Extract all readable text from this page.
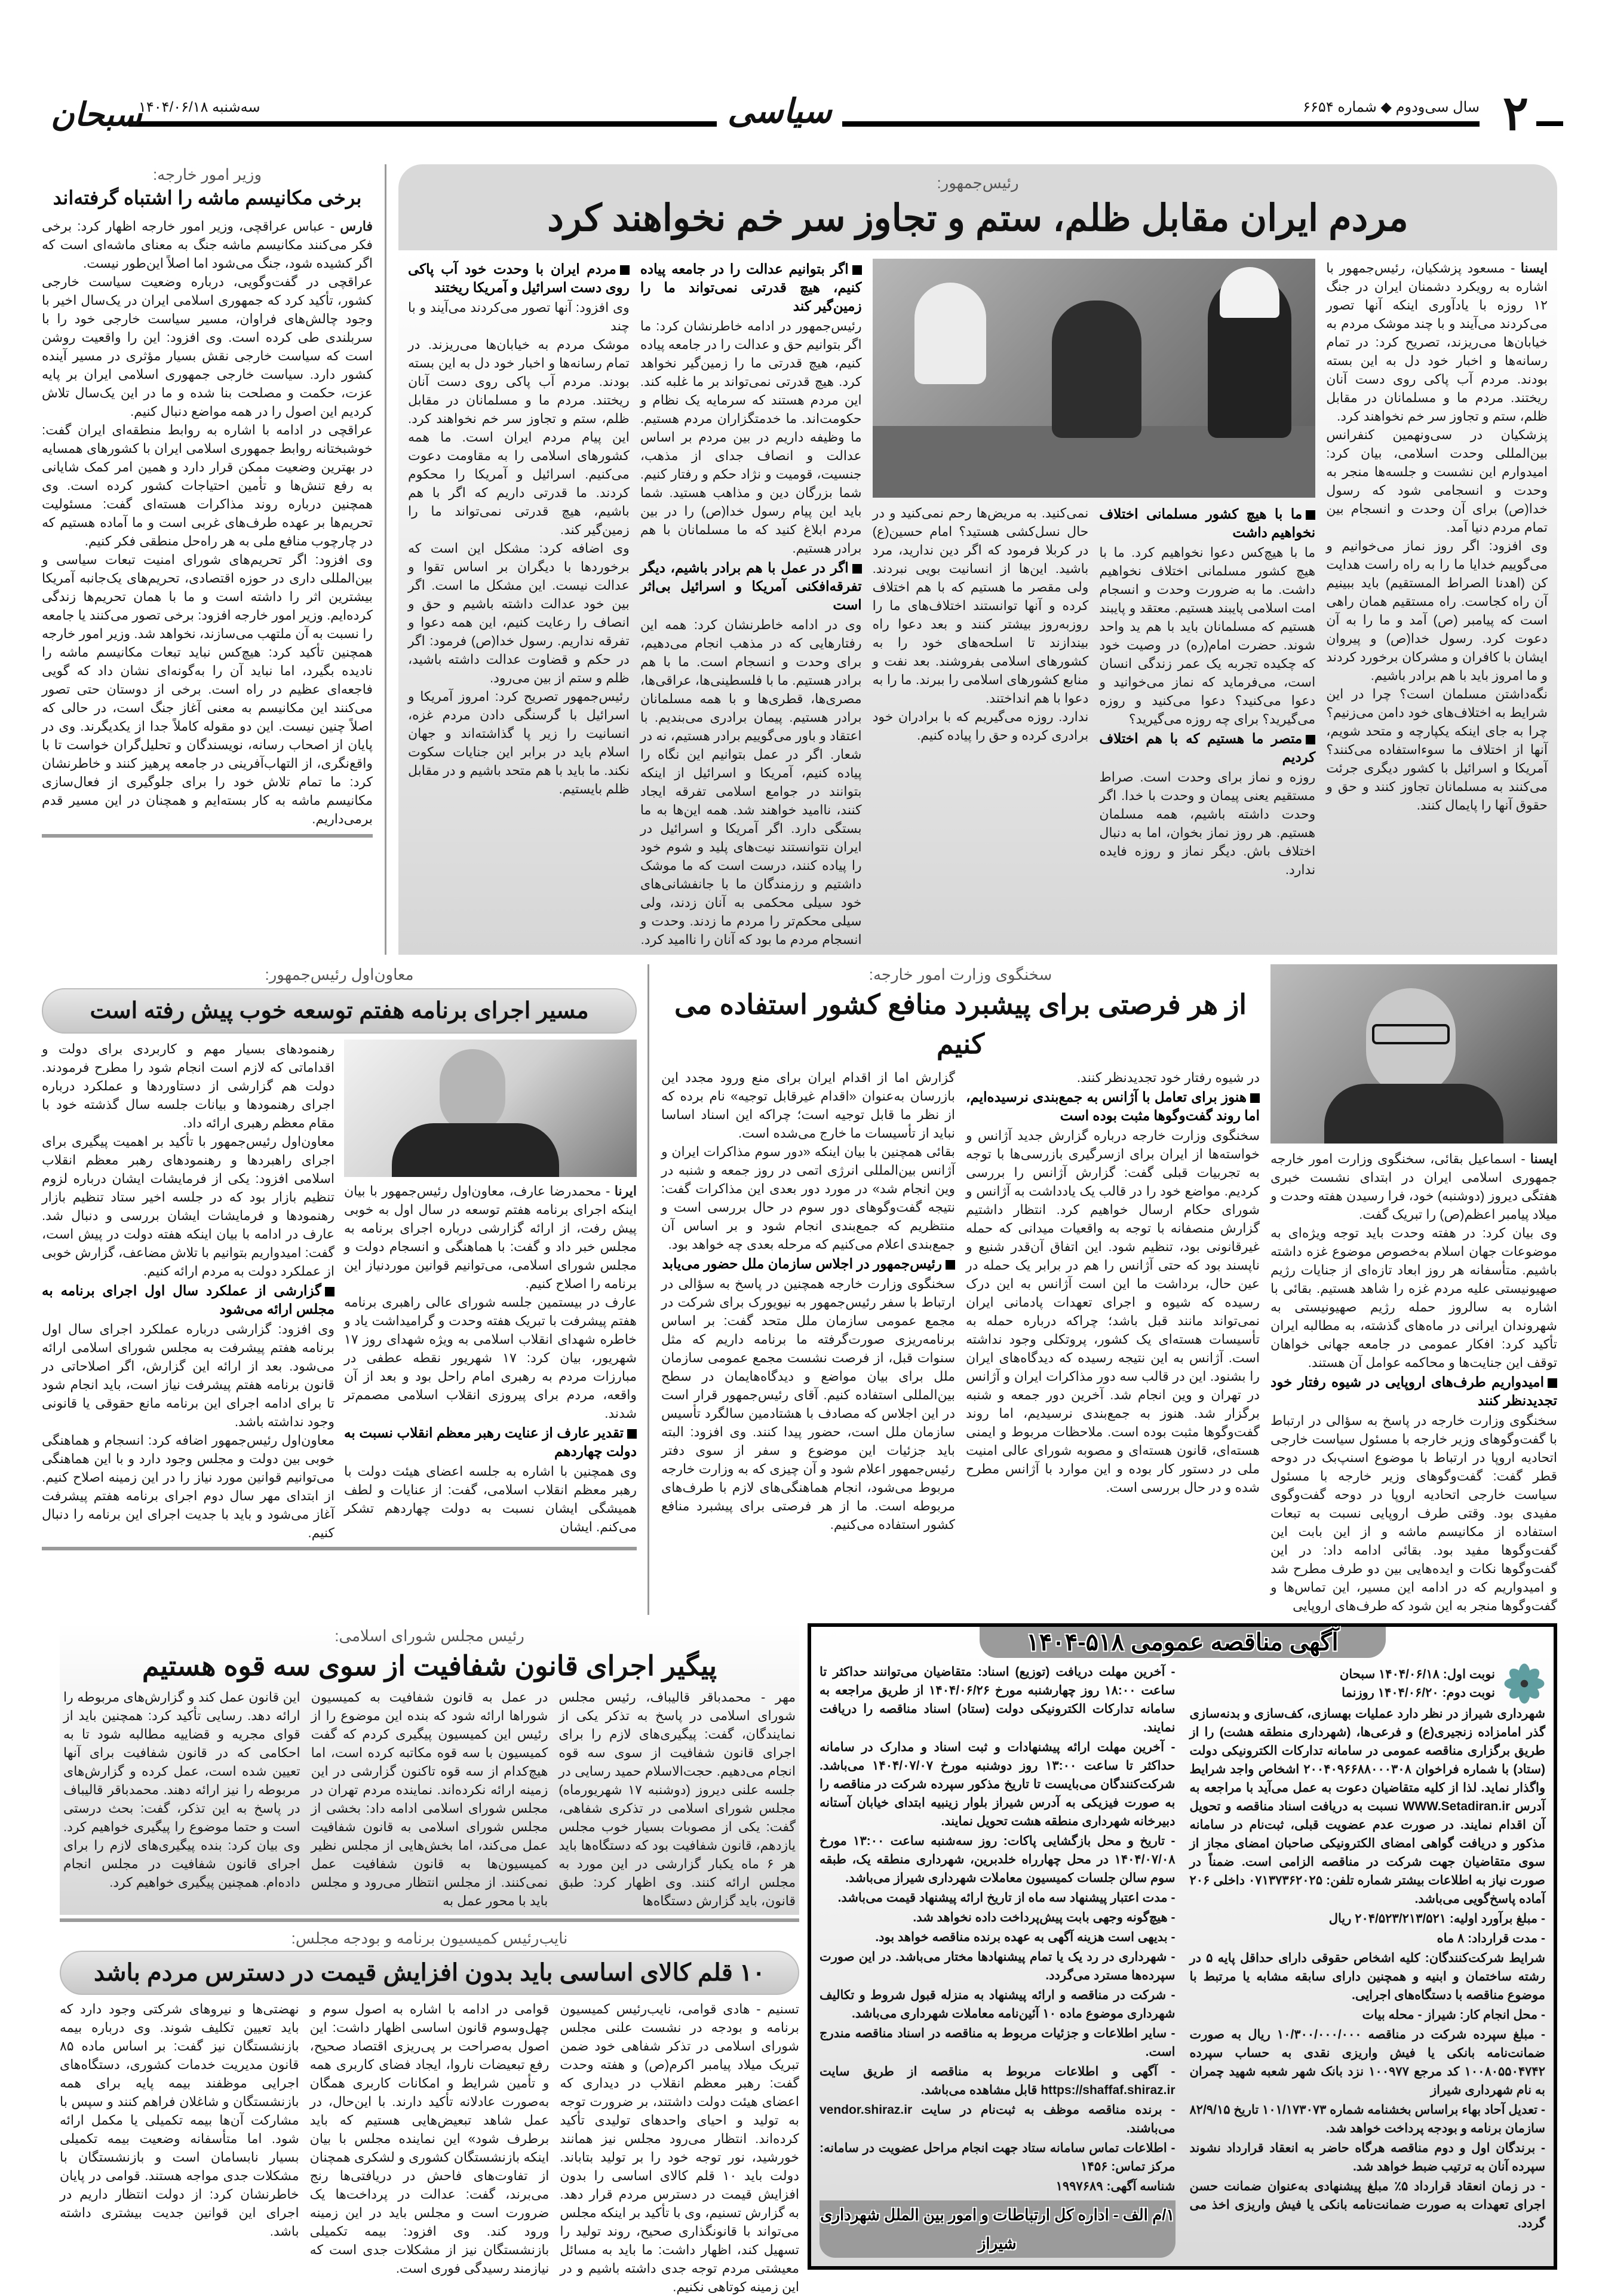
۲
سال سی‌ودوم ◆ شماره ۶۶۵۴
سیاسی
سه‌شنبه ۱۴۰۴/۰۶/۱۸
سبحان
رئیس‌جمهور:
مردم ایران مقابل ظلم، ستم و تجاوز سر خم نخواهند کرد

ایسنا - مسعود پزشکیان، رئیس‌جمهور با اشاره به رویکرد دشمنان ایران در جنگ ۱۲ روزه با یادآوری اینکه آنها تصور می‌کردند می‌آیند و با چند موشک مردم به خیابان‌ها می‌ریزند، تصریح کرد: در تمام رسانه‌ها و اخبار خود دل به این بسته بودند. مردم آب پاکی روی دست آنان ریختند. مردم ما و مسلمانان در مقابل ظلم، ستم و تجاوز سر خم نخواهند کرد.

پزشکیان در سی‌ونهمین کنفرانس بین‌المللی وحدت اسلامی، بیان کرد: امیدوارم این نشست و جلسه‌ها منجر به وحدت و انسجامی شود که رسول خدا(ص) برای آن وحدت و انسجام بین تمام مردم دنیا آمد.

وی افزود: اگر روز نماز می‌خوانیم و می‌گوییم خدایا ما را به راه راست هدایت کن (اهدنا الصراط المستقیم) باید ببینیم آن راه کجاست. راه مستقیم همان راهی است که پیامبر (ص) آمد و ما را به آن دعوت کرد. رسول خدا(ص) و پیروان ایشان با کافران و مشرکان برخورد کردند و ما امروز باید با هم برادر باشیم.

نگه‌داشتن مسلمان است؟ چرا در این شرایط به اختلاف‌های خود دامن می‌زنیم؟ چرا به جای اینکه یکپارچه و متحد شویم، آنها از اختلاف ما سوءاستفاده می‌کنند؟ آمریکا و اسرائیل با کشور دیگری جرئت می‌کنند به مسلمانان تجاوز کنند و حق و حقوق آنها را پایمال کنند.

ما با هیچ کشور مسلمانی اختلاف نخواهیم داشت

ما با هیچ‌کس دعوا نخواهیم کرد. ما با هیچ کشور مسلمانی اختلاف نخواهیم داشت. ما به ضرورت وحدت و انسجام امت اسلامی پایبند هستیم. معتقد و پایبند هستیم که مسلمانان باید با هم ید واحد شوند. حضرت امام(ره) در وصیت خود که چکیده تجربه یک عمر زندگی انسان است، می‌فرماید که نماز می‌خوانید و دعوا می‌کنید؟ دعوا می‌کنید و روزه می‌گیرید؟ برای چه روزه می‌گیرید؟

متصر ما هستیم که با هم اختلاف کردیم

روزه و نماز برای وحدت است. صراط مستقیم یعنی پیمان و وحدت با خدا. اگر وحدت داشته باشیم، همه مسلمان هستیم. هر روز نماز بخوان، اما به دنبال اختلاف باش. دیگر نماز و روزه فایده ندارد.

نمی‌کنید. به مریض‌ها رحم نمی‌کنید و در حال نسل‌کشی هستید؟ امام حسین(ع) در کربلا فرمود که اگر دین ندارید، مرد باشید. این‌ها از انسانیت بویی نبردند. ولی مقصر ما هستیم که با هم اختلاف کرده و آنها توانستند اختلاف‌های ما را روزبه‌روز بیشتر کنند و بعد دعوا راه بیندازند تا اسلحه‌های خود را به کشورهای اسلامی بفروشند. بعد نفت و منابع کشورهای اسلامی را ببرند. ما را به دعوا با هم انداختند.

ندارد. روزه می‌گیریم که با برادران خود برادری کرده و حق را پیاده کنیم.

اگر بتوانیم عدالت را در جامعه پیاده کنیم، هیچ قدرتی نمی‌تواند ما را زمین‌گیر کند

رئیس‌جمهور در ادامه خاطرنشان کرد: ما اگر بتوانیم حق و عدالت را در جامعه پیاده کنیم، هیچ قدرتی ما را زمین‌گیر نخواهد کرد. هیچ قدرتی نمی‌تواند بر ما غلبه کند. این مردم هستند که سرمایه یک نظام و حکومت‌اند. ما خدمتگزاران مردم هستیم. ما وظیفه داریم در بین مردم بر اساس عدالت و انصاف جدای از مذهب، جنسیت، قومیت و نژاد حکم و رفتار کنیم. شما بزرگان دین و مذاهب هستید. شما باید این پیام رسول خدا(ص) را در بین مردم ابلاغ کنید که ما مسلمانان با هم برادر هستیم.

اگر در عمل با هم برادر باشیم، دیگر تفرقه‌افکنی آمریکا و اسرائیل بی‌اثر است

وی در ادامه خاطرنشان کرد: همه این رفتارهایی که در مذهب انجام می‌دهیم، برای وحدت و انسجام است. ما با هم برادر هستیم. ما با فلسطینی‌ها، عراقی‌ها، مصری‌ها، قطری‌ها و با همه مسلمانان برادر هستیم. پیمان برادری می‌بندیم. با اعتقاد و باور می‌گوییم برادر هستیم، نه در شعار. اگر در عمل بتوانیم این نگاه را پیاده کنیم، آمریکا و اسرائیل از اینکه بتوانند در جوامع اسلامی تفرقه ایجاد کنند، ناامید خواهند شد. همه این‌ها به ما بستگی دارد. اگر آمریکا و اسرائیل در ایران نتوانستند نیت‌های پلید و شوم خود را پیاده کنند، درست است که ما موشک داشتیم و رزمندگان ما با جانفشانی‌های خود سیلی محکمی به آنان زدند، ولی سیلی محکم‌تر را مردم ما زدند. وحدت و انسجام مردم ما بود که آنان را ناامید کرد.

مردم ایران با وحدت خود آب پاکی روی دست اسرائیل و آمریکا ریختند

وی افزود: آنها تصور می‌کردند می‌آیند و با چند

موشک مردم به خیابان‌ها می‌ریزند. در تمام رسانه‌ها و اخبار خود دل به این بسته بودند. مردم آب پاکی روی دست آنان ریختند. مردم ما و مسلمانان در مقابل ظلم، ستم و تجاوز سر خم نخواهند کرد. این پیام مردم ایران است. ما همه کشورهای اسلامی را به مقاومت دعوت می‌کنیم. اسرائیل و آمریکا را محکوم کردند. ما قدرتی داریم که اگر با هم باشیم، هیچ قدرتی نمی‌تواند ما را زمین‌گیر کند.

وی اضافه کرد: مشکل این است که برخوردها با دیگران بر اساس تقوا و عدالت نیست. این مشکل ما است. اگر بین خود عدالت داشته باشیم و حق و انصاف را رعایت کنیم، این همه دعوا و تفرقه نداریم. رسول خدا(ص) فرمود: اگر در حکم و قضاوت عدالت داشته باشید، ظلم و ستم از بین می‌رود.

رئیس‌جمهور تصریح کرد: امروز آمریکا و اسرائیل با گرسنگی دادن مردم غزه، انسانیت را زیر پا گذاشته‌اند و جهان اسلام باید در برابر این جنایات سکوت نکند. ما باید با هم متحد باشیم و در مقابل ظلم بایستیم.

وزیر امور خارجه:
برخی مکانیسم ماشه را اشتباه گرفته‌اند

فارس - عباس عراقچی، وزیر امور خارجه اظهار کرد: برخی فکر می‌کنند مکانیسم ماشه جنگ به معنای ماشه‌ای است که اگر کشیده شود، جنگ می‌شود اما اصلاً این‌طور نیست.

عراقچی در گفت‌وگویی، درباره وضعیت سیاست خارجی کشور، تأکید کرد که جمهوری اسلامی ایران در یک‌سال اخیر با وجود چالش‌های فراوان، مسیر سیاست خارجی خود را با سربلندی طی کرده است. وی افزود: این را واقعیت روشن است که سیاست خارجی نقش بسیار مؤثری در مسیر آینده کشور دارد. سیاست خارجی جمهوری اسلامی ایران بر پایه عزت، حکمت و مصلحت بنا شده و ما در این یک‌سال تلاش کردیم این اصول را در همه مواضع دنبال کنیم.

عراقچی در ادامه با اشاره به روابط منطقه‌ای ایران گفت: خوشبختانه روابط جمهوری اسلامی ایران با کشورهای همسایه در بهترین وضعیت ممکن قرار دارد و همین امر کمک شایانی به رفع تنش‌ها و تأمین احتیاجات کشور کرده است. وی همچنین درباره روند مذاکرات هسته‌ای گفت: مسئولیت تحریم‌ها بر عهده طرف‌های غربی است و ما آماده هستیم که در چارچوب منافع ملی به هر راه‌حل منطقی فکر کنیم.

وی افزود: اگر تحریم‌های شورای امنیت تبعات سیاسی و بین‌المللی داری در حوزه اقتصادی، تحریم‌های یک‌جانبه آمریکا بیشترین اثر را داشته است و ما با همان تحریم‌ها زندگی کرده‌ایم. وزیر امور خارجه افزود: برخی تصور می‌کنند یا جامعه را نسبت به آن ملتهب می‌سازند، نخواهد شد. وزیر امور خارجه همچنین تأکید کرد: هیچ‌کس نباید تبعات مکانیسم ماشه را نادیده بگیرد، اما نباید آن را به‌گونه‌ای نشان داد که گویی فاجعه‌ای عظیم در راه است. برخی از دوستان حتی تصور می‌کنند این مکانیسم به معنی آغاز جنگ است، در حالی که اصلاً چنین نیست. این دو مقوله کاملاً جدا از یکدیگرند. وی در پایان از اصحاب رسانه، نویسندگان و تحلیل‌گران خواست تا با واقع‌نگری، از التهاب‌آفرینی در جامعه پرهیز کنند و خاطرنشان کرد: ما تمام تلاش خود را برای جلوگیری از فعال‌سازی مکانیسم ماشه به کار بسته‌ایم و همچنان در این مسیر قدم برمی‌داریم.

ایسنا - اسماعیل بقائی، سخنگوی وزارت امور خارجه جمهوری اسلامی ایران در ابتدای نشست خبری هفتگی دیروز (دوشنبه) خود، فرا رسیدن هفته وحدت و میلاد پیامبر اعظم(ص) را تبریک گفت.

وی بیان کرد: در هفته وحدت باید توجه ویژه‌ای به موضوعات جهان اسلام به‌خصوص موضوع غزه داشته باشیم. متأسفانه هر روز ابعاد تازه‌ای از جنایات رژیم صهیونیستی علیه مردم غزه را شاهد هستیم. بقائی با اشاره به سالروز حمله رژیم صهیونیستی به شهروندان ایرانی در ماه‌های گذشته، به مطالبه ایران تأکید کرد: افکار عمومی در جامعه جهانی خواهان توقف این جنایت‌ها و محاکمه عوامل آن هستند.

امیدواریم طرف‌های اروپایی در شیوه رفتار خود تجدیدنظر کنند

سخنگوی وزارت خارجه در پاسخ به سؤالی در ارتباط با گفت‌وگوهای وزیر خارجه با مسئول سیاست خارجی اتحادیه اروپا در ارتباط با موضوع اسنپ‌بک در دوحه قطر گفت: گفت‌وگوهای وزیر خارجه با مسئول سیاست خارجی اتحادیه اروپا در دوحه گفت‌وگوی مفیدی بود. وقتی طرف اروپایی نسبت به تبعات استفاده از مکانیسم ماشه و از این بابت این گفت‌وگوها مفید بود. بقائی ادامه داد: در این گفت‌وگوها نکات و ایده‌هایی بین دو طرف مطرح شد و امیدواریم که در ادامه این مسیر، این تماس‌ها و گفت‌وگوها منجر به این شود که طرف‌های اروپایی

سخنگوی وزارت امور خارجه:
از هر فرصتی برای پیشبرد منافع کشور استفاده می کنیم

در شیوه رفتار خود تجدیدنظر کنند.

هنوز برای تعامل با آژانس به جمع‌بندی نرسیده‌ایم، اما روند گفت‌وگوها مثبت بوده است

سخنگوی وزارت خارجه درباره گزارش جدید آژانس و خواسته‌ها از ایران برای ازسرگیری بازرسی‌ها با توجه به تجربیات قبلی گفت: گزارش آژانس را بررسی کردیم. مواضع خود را در قالب یک یادداشت به آژانس و شورای حکام ارسال خواهیم کرد. انتظار داشتیم گزارش منصفانه با توجه به واقعیات میدانی که حمله غیرقانونی بود، تنظیم شود. این اتفاق آن‌قدر شنیع و ناپسند بود که حتی آژانس را هم در برابر یک حمله در عین حال، برداشت ما این است آژانس به این درک رسیده که شیوه و اجرای تعهدات پادمانی ایران نمی‌تواند مانند قبل باشد؛ چراکه درباره حمله به تأسیسات هسته‌ای یک کشور، پروتکلی وجود نداشته است. آژانس به این نتیجه رسیده که دیدگاه‌های ایران را بشنود. این در قالب سه دور مذاکرات ایران و آژانس در تهران و وین انجام شد. آخرین دور جمعه و شنبه برگزار شد. هنوز به جمع‌بندی نرسیدیم، اما روند گفت‌وگوها مثبت بوده است. ملاحظات مربوط و ایمنی هسته‌ای، قانون هسته‌ای و مصوبه شورای عالی امنیت ملی در دستور کار بوده و این موارد با آژانس مطرح شده و در حال بررسی است.

گزارش اما از اقدام ایران برای منع ورود مجدد این بازرسان به‌عنوان «اقدام غیرقابل توجیه» نام برده که از نظر ما قابل توجیه است؛ چراکه این اسناد اساسا نباید از تأسیسات ما خارج می‌شده است.

بقائی همچنین با بیان اینکه «دور سوم مذاکرات ایران و آژانس بین‌المللی انرژی اتمی در روز جمعه و شنبه در وین انجام شد» در مورد دور بعدی این مذاکرات گفت: نتیجه گفت‌وگوهای دور سوم در حال بررسی است و منتظریم که جمع‌بندی انجام شود و بر اساس آن جمع‌بندی اعلام می‌کنیم که مرحله بعدی چه خواهد بود.

رئیس‌جمهور در اجلاس سازمان ملل حضور می‌یابد

سخنگوی وزارت خارجه همچنین در پاسخ به سؤالی در ارتباط با سفر رئیس‌جمهور به نیویورک برای شرکت در مجمع عمومی سازمان ملل متحد گفت: بر اساس برنامه‌ریزی صورت‌گرفته ما برنامه داریم که مثل سنوات قبل، از فرصت نشست مجمع عمومی سازمان ملل برای بیان مواضع و دیدگاه‌هایمان در سطح بین‌المللی استفاده کنیم. آقای رئیس‌جمهور قرار است در این اجلاس که مصادف با هشتادمین سالگرد تأسیس سازمان ملل است، حضور پیدا کنند. وی افزود: البته باید جزئیات این موضوع و سفر از سوی دفتر رئیس‌جمهور اعلام شود و آن چیزی که به وزارت خارجه مربوط می‌شود، انجام هماهنگی‌های لازم با طرف‌های مربوطه است. ما از هر فرصتی برای پیشبرد منافع کشور استفاده می‌کنیم.

معاون‌اول رئیس‌جمهور:
مسیر اجرای برنامه هفتم توسعه خوب پیش رفته است

ایرنا - محمدرضا عارف، معاون‌اول رئیس‌جمهور با بیان اینکه اجرای برنامه هفتم توسعه در سال اول به خوبی پیش رفت، از ارائه گزارشی درباره اجرای برنامه به مجلس خبر داد و گفت: با هماهنگی و انسجام دولت و مجلس شورای اسلامی، می‌توانیم قوانین موردنیاز این برنامه را اصلاح کنیم.

عارف در بیستمین جلسه شورای عالی راهبری برنامه هفتم پیشرفت با تبریک هفته وحدت و گرامیداشت یاد و خاطره شهدای انقلاب اسلامی به ویژه شهدای روز ۱۷ شهریور، بیان کرد: ۱۷ شهریور نقطه عطفی در مبارزات مردم به رهبری امام راحل بود و بعد از آن واقعه، مردم برای پیروزی انقلاب اسلامی مصمم‌تر شدند.

تقدیر عارف از عنایت رهبر معظم انقلاب نسبت به دولت چهاردهم

وی همچنین با اشاره به جلسه اعضای هیئت دولت با رهبر معظم انقلاب اسلامی، گفت: از عنایات و لطف همیشگی ایشان نسبت به دولت چهاردهم تشکر می‌کنم. ایشان

رهنمودهای بسیار مهم و کاربردی برای دولت و اقداماتی که لازم است انجام شود را مطرح فرمودند. دولت هم گزارشی از دستاوردها و عملکرد درباره اجرای رهنمودها و بیانات جلسه سال گذشته خود با مقام معظم رهبری ارائه داد.

معاون‌اول رئیس‌جمهور با تأکید بر اهمیت پیگیری برای اجرای راهبردها و رهنمودهای رهبر معظم انقلاب اسلامی افزود: یکی از فرمایشات ایشان درباره لزوم تنظیم بازار بود که در جلسه اخیر ستاد تنظیم بازار رهنمودها و فرمایشات ایشان بررسی و دنبال شد. عارف در ادامه با بیان اینکه هفته دولت در پیش است، گفت: امیدواریم بتوانیم با تلاش مضاعف، گزارش خوبی از عملکرد دولت به مردم ارائه کنیم.

گزارشی از عملکرد سال اول اجرای برنامه به مجلس ارائه می‌شود

وی افزود: گزارشی درباره عملکرد اجرای سال اول برنامه هفتم پیشرفت به مجلس شورای اسلامی ارائه می‌شود. بعد از ارائه این گزارش، اگر اصلاحاتی در قانون برنامه هفتم پیشرفت نیاز است، باید انجام شود تا برای ادامه اجرای این برنامه مانع حقوقی یا قانونی وجود نداشته باشد.

معاون‌اول رئیس‌جمهور اضافه کرد: انسجام و هماهنگی خوبی بین دولت و مجلس وجود دارد و با این هماهنگی می‌توانیم قوانین مورد نیاز را در این زمینه اصلاح کنیم. از ابتدای مهر سال دوم اجرای برنامه هفتم پیشرفت آغاز می‌شود و باید با جدیت اجرای این برنامه را دنبال کنیم.

آگهی مناقصه عمومی ۵۱۸-۱۴۰۴
نوبت اول: ۱۴۰۴/۰۶/۱۸ سبحان
نوبت دوم: ۱۴۰۴/۰۶/۲۰ روزنما

شهرداری شیراز در نظر دارد عملیات بهسازی، کف‌سازی و بدنه‌سازی گذر امامزاده زنجیری(ع) و فرعی‌ها، (شهرداری منطقه هشت) را از طریق برگزاری مناقصه عمومی در سامانه تدارکات الکترونیکی دولت (ستاد) با شماره فراخوان ۲۰۰۴۰۹۶۶۸۸۰۰۰۳۰۸ اشخاص واجد شرایط واگذار نماید. لذا از کلیه متقاضیان دعوت به عمل می‌آید با مراجعه به آدرس WWW.Setadiran.ir نسبت به دریافت اسناد مناقصه و تحویل آن اقدام نمایند. در صورت عدم عضویت قبلی، ثبت‌نام در سامانه مذکور و دریافت گواهی امضای الکترونیکی صاحبان امضای مجاز از سوی متقاضیان جهت شرکت در مناقصه الزامی است. ضمناً در صورت نیاز به اطلاعات بیشتر شماره تلفن: ۰۷۱۳۷۳۶۲۰۲۵ داخلی ۲۰۶ آماده پاسخ‌گویی می‌باشد.

- مبلغ برآورد اولیه: ۲۰۴/۵۲۳/۲۱۳/۵۲۱ ریال

- مدت قرارداد: ۸ ماه

شرایط شرکت‌کنندگان: کلیه اشخاص حقوقی دارای حداقل پایه ۵ در رشته ساختمان و ابنیه و همچنین دارای سابقه مشابه یا مرتبط با موضوع مناقصه با دستگاه‌های اجرایی.

- محل انجام کار: شیراز - محله بیات

- مبلغ سپرده شرکت در مناقصه ۱۰/۳۰۰/۰۰۰/۰۰۰ ریال به صورت ضمانت‌نامه بانکی یا فیش واریزی نقدی به حساب سپرده ۱۰۰۸۰۵۵۰۴۷۴۲ کد مرجع ۱۰۰۹۷۷ نزد بانک شهر شعبه شهید چمران به نام شهرداری شیراز

- تعدیل آحاد بهاء براساس بخشنامه شماره ۱۰۱/۱۷۳۰۷۳ تاریخ ۸۲/۹/۱۵ سازمان برنامه و بودجه پرداخت خواهد شد.

- برندگان اول و دوم مناقصه هرگاه حاضر به انعقاد قرارداد نشوند سپرده آنان به ترتیب ضبط خواهد شد.

- در زمان انعقاد قرارداد ۵٪ مبلغ پیشنهادی به‌عنوان ضمانت حسن اجرای تعهدات به صورت ضمانت‌نامه بانکی یا فیش واریزی اخذ می گردد.

- آخرین مهلت دریافت (توزیع) اسناد: متقاضیان می‌توانند حداکثر تا ساعت ۱۸:۰۰ روز چهارشنبه مورخ ۱۴۰۴/۰۶/۲۶ از طریق مراجعه به سامانه تدارکات الکترونیکی دولت (ستاد) اسناد مناقصه را دریافت نمایند.

- آخرین مهلت ارائه پیشنهادات و ثبت اسناد و مدارک در سامانه حداکثر تا ساعت ۱۳:۰۰ روز دوشنبه مورخ ۱۴۰۴/۰۷/۰۷ می‌باشد. شرکت‌کنندگان می‌بایست تا تاریخ مذکور سپرده شرکت در مناقصه را به صورت فیزیکی به آدرس شیراز بلوار زینبیه ابتدای خیابان آستانه دبیرخانه شهرداری منطقه هشت تحویل نمایند.

- تاریخ و محل بازگشایی پاکات: روز سه‌شنبه ساعت ۱۳:۰۰ مورخ ۱۴۰۴/۰۷/۰۸ در محل چهارراه خلدبرین، شهرداری منطقه یک، طبقه سوم سالن جلسات کمیسیون معاملات شهرداری شیراز می‌باشد.

- مدت اعتبار پیشنهاد سه ماه از تاریخ ارائه پیشنهاد قیمت می‌باشد.

- هیچ‌گونه وجهی بابت پیش‌پرداخت داده نخواهد شد.

- بدیهی است هزینه آگهی به عهده برنده مناقصه خواهد بود.

- شهرداری در رد یک یا تمام پیشنهادها مختار می‌باشد. در این صورت سپرده‌ها مسترد می‌گردد.

- شرکت در مناقصه و ارائه پیشنهاد به منزله قبول شروط و تکالیف شهرداری موضوع ماده ۱۰ آئین‌نامه معاملات شهرداری می‌باشد.

- سایر اطلاعات و جزئیات مربوط به مناقصه در اسناد مناقصه مندرج است.

- آگهی و اطلاعات مربوط به مناقصه از طریق سایت https://shaffaf.shiraz.ir قابل مشاهده می‌باشد.

- برنده مناقصه موظف به ثبت‌نام در سایت vendor.shiraz.ir می‌باشند.

- اطلاعات تماس سامانه ستاد جهت انجام مراحل عضویت در سامانه: مرکز تماس: ۱۴۵۶

شناسه آگهی: ۱۹۹۷۶۸۹

۱/م الف - اداره کل ارتباطات و امور بین الملل شهرداری شیراز
رئیس مجلس شورای اسلامی:
پیگیر اجرای قانون شفافیت از سوی سه قوه هستیم
مهر - محمدباقر قالیباف، رئیس مجلس شورای اسلامی در پاسخ به تذکر یکی از نمایندگان، گفت: پیگیری‌های لازم را برای اجرای قانون شفافیت از سوی سه قوه انجام می‌دهیم. حجت‌الاسلام حمید رسایی در جلسه علنی دیروز (دوشنبه ۱۷ شهریورماه) مجلس شورای اسلامی در تذکری شفاهی، گفت: یکی از مصوبات بسیار خوب مجلس یازدهم، قانون شفافیت بود که دستگاه‌ها باید هر ۶ ماه یکبار گزارشی در این مورد به مجلس ارائه کنند. وی اظهار کرد: طبق قانون، باید گزارش دستگاه‌ها
در عمل به قانون شفافیت به کمیسیون شوراها ارائه شود که بنده این موضوع را از رئیس این کمیسیون پیگیری کردم که گفت کمیسیون با سه قوه مکاتبه کرده است، اما هیچ‌کدام از سه قوه تاکنون گزارشی در این زمینه ارائه نکرده‌اند. نماینده مردم تهران در مجلس شورای اسلامی ادامه داد: بخشی از مجلس شورای اسلامی به قانون شفافیت عمل می‌کند، اما بخش‌هایی از مجلس نظیر کمیسیون‌ها به قانون شفافیت عمل نمی‌کنند. از مجلس انتظار می‌رود و مجلس باید با محور عمل به
این قانون عمل کند و گزارش‌های مربوطه را ارائه دهد. رسایی تأکید کرد: همچنین باید از قوای مجریه و قضاییه مطالبه شود تا به احکامی که در قانون شفافیت برای آنها تعیین شده است، عمل کرده و گزارش‌های مربوطه را نیز ارائه دهند. محمدباقر قالیباف در پاسخ به این تذکر، گفت: بحث درستی است و حتما موضوع را پیگیری خواهیم کرد. وی بیان کرد: بنده پیگیری‌های لازم را برای اجرای قانون شفافیت در مجلس انجام داده‌ام. همچنین پیگیری خواهیم کرد.
نایب‌رئیس کمیسیون برنامه و بودجه مجلس:
۱۰ قلم کالای اساسی باید بدون افزایش قیمت در دسترس مردم باشد
تسنیم - هادی قوامی، نایب‌رئیس کمیسیون برنامه و بودجه در نشست علنی مجلس شورای اسلامی در تذکر شفاهی خود ضمن تبریک میلاد پیامبر اکرم(ص) و هفته وحدت گفت: رهبر معظم انقلاب در دیداری که اعضای هیئت دولت داشتند، بر ضرورت توجه به تولید و احیای واحدهای تولیدی تأکید کرده‌اند. انتظار می‌رود مجلس نیز همانند خورشید، نور توجه خود را بر تولید بتاباند. دولت باید ۱۰ قلم کالای اساسی را بدون افزایش قیمت در دسترس مردم قرار دهد. به گزارش تسنیم، وی با تأکید بر اینکه مجلس می‌تواند با قانونگذاری صحیح، روند تولید را تسهیل کند، اظهار داشت: ما باید به مسائل معیشتی مردم توجه جدی داشته باشیم و در این زمینه کوتاهی نکنیم.
قوامی در ادامه با اشاره به اصول سوم و چهل‌وسوم قانون اساسی اظهار داشت: این اصول به‌صراحت بر پی‌ریزی اقتصاد صحیح، رفع تبعیضات ناروا، ایجاد فضای کاربری همه و تأمین شرایط و امکانات کاربری همگان به‌صورت عادلانه تأکید دارند. با این‌حال، در عمل شاهد تبعیض‌هایی هستیم که باید برطرف شود» این نماینده مجلس با بیان اینکه بازنشستگان کشوری و لشکری همچنان از تفاوت‌های فاحش در دریافتی‌ها رنج می‌برند، گفت: عدالت در پرداخت‌ها یک ضرورت است و مجلس باید در این زمینه ورود کند. وی افزود: بیمه تکمیلی بازنشستگان نیز از مشکلات جدی است که نیازمند رسیدگی فوری است.
نهضتی‌ها و نیروهای شرکتی وجود دارد که باید تعیین تکلیف شوند. وی درباره بیمه بازنشستگان نیز گفت: بر اساس ماده ۸۵ قانون مدیریت خدمات کشوری، دستگاه‌های اجرایی موظفند بیمه پایه برای همه بازنشستگان و شاغلان فراهم کنند و سپس با مشارکت آن‌ها بیمه تکمیلی یا مکمل ارائه شود. اما متأسفانه وضعیت بیمه تکمیلی بسیار نابسامان است و بازنشستگان با مشکلات جدی مواجه هستند. قوامی در پایان خاطرنشان کرد: از دولت انتظار داریم در اجرای این قوانین جدیت بیشتری داشته باشد.
